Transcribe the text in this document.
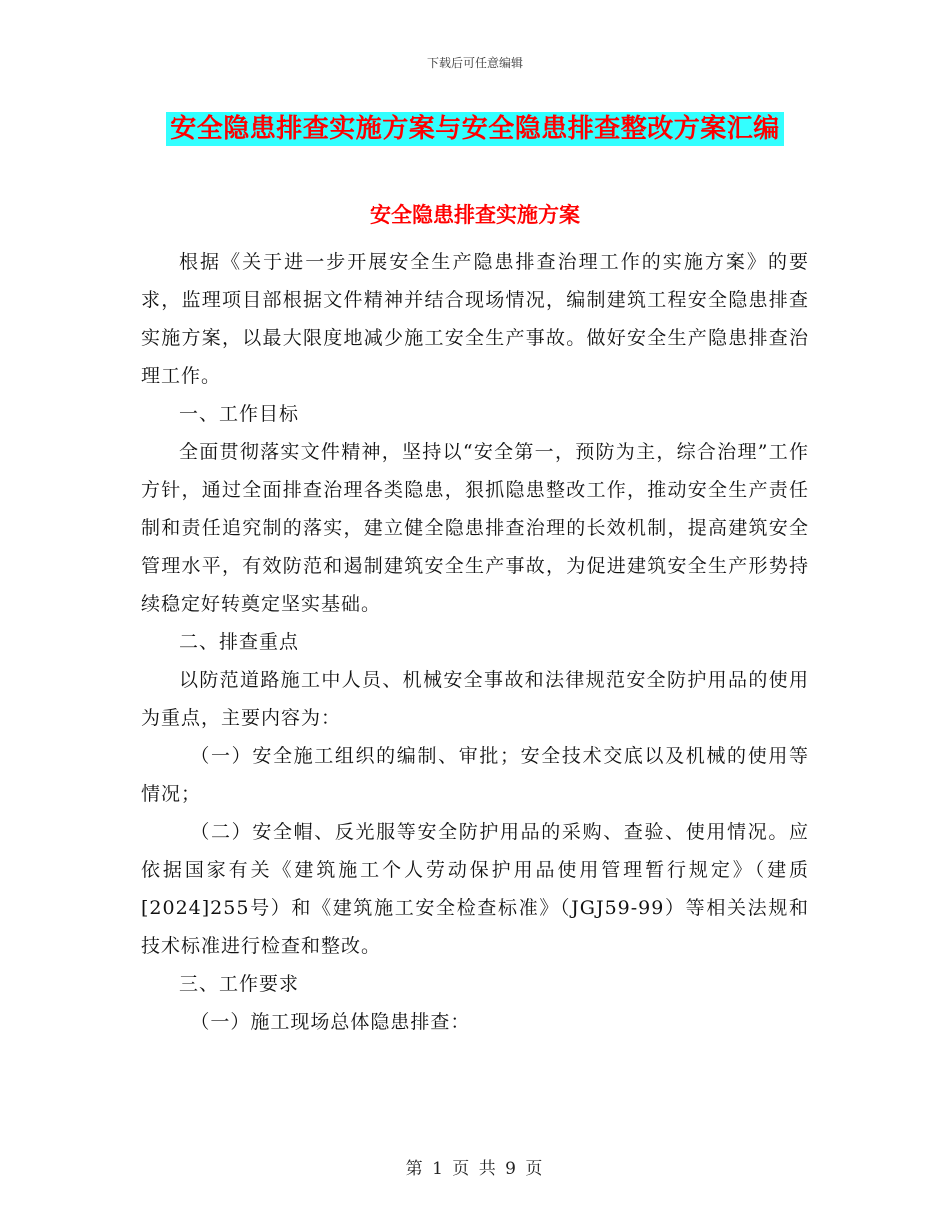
下载后可任意编辑
安全隐患排查实施方案与安全隐患排查整改方案汇编
安全隐患排查实施方案

根据《关于进一步开展安全生产隐患排查治理工作的实施方案》的要求，监理项目部根据文件精神并结合现场情况，编制建筑工程安全隐患排查实施方案，以最大限度地减少施工安全生产事故。做好安全生产隐患排查治理工作。

一、工作目标

全面贯彻落实文件精神，坚持以“安全第一，预防为主，综合治理”工作方针，通过全面排查治理各类隐患，狠抓隐患整改工作，推动安全生产责任制和责任追究制的落实，建立健全隐患排查治理的长效机制，提高建筑安全管理水平，有效防范和遏制建筑安全生产事故，为促进建筑安全生产形势持续稳定好转奠定坚实基础。

二、排查重点

以防范道路施工中人员、机械安全事故和法律规范安全防护用品的使用为重点，主要内容为：

（一）安全施工组织的编制、审批；安全技术交底以及机械的使用等情况；

（二）安全帽、反光服等安全防护用品的采购、查验、使用情况。应依据国家有关《建筑施工个人劳动保护用品使用管理暂行规定》（建质[2024]255号）和《建筑施工安全检查标准》（JGJ59-99）等相关法规和技术标准进行检查和整改。

三、工作要求

（一）施工现场总体隐患排查：

第 1 页 共 9 页
